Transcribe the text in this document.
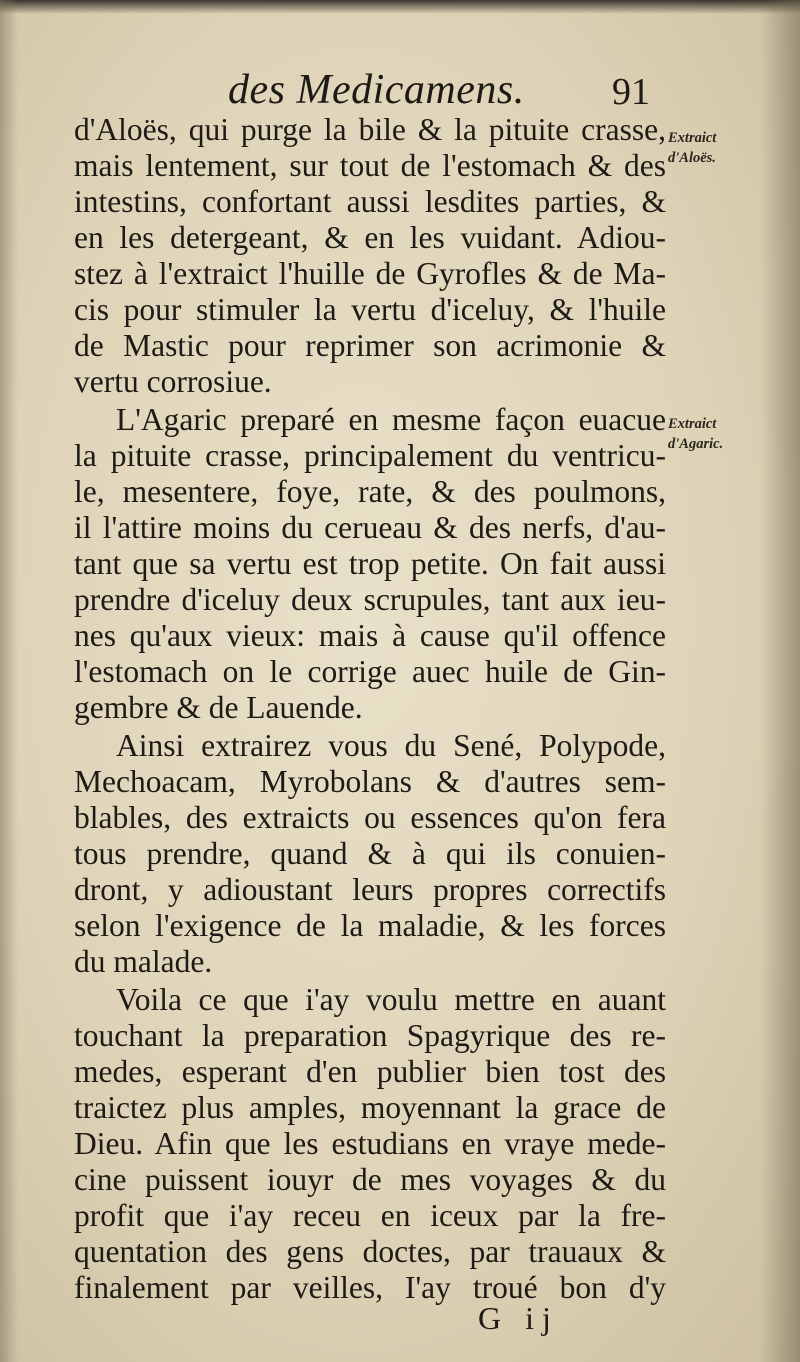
des Medicamens. 91
d'Aloës, qui purge la bile & la pituite crasse,
mais lentement, sur tout de l'estomach & des
intestins, confortant aussi lesdites parties, &
en les detergeant, & en les vuidant. Adiou-
stez à l'extraict l'huille de Gyrofles & de Ma-
cis pour stimuler la vertu d'iceluy, & l'huile
de Mastic pour reprimer son acrimonie &
vertu corrosiue.
L'Agaric preparé en mesme façon euacue
la pituite crasse, principalement du ventricu-
le, mesentere, foye, rate, & des poulmons,
il l'attire moins du cerueau & des nerfs, d'au-
tant que sa vertu est trop petite. On fait aussi
prendre d'iceluy deux scrupules, tant aux ieu-
nes qu'aux vieux: mais à cause qu'il offence
l'estomach on le corrige auec huile de Gin-
gembre & de Lauende.
Ainsi extrairez vous du Sené, Polypode,
Mechoacam, Myrobolans & d'autres sem-
blables, des extraicts ou essences qu'on fera
tous prendre, quand & à qui ils conuien-
dront, y adioustant leurs propres correctifs
selon l'exigence de la maladie, & les forces
du malade.
Voila ce que i'ay voulu mettre en auant
touchant la preparation Spagyrique des re-
medes, esperant d'en publier bien tost des
traictez plus amples, moyennant la grace de
Dieu. Afin que les estudians en vraye mede-
cine puissent iouyr de mes voyages & du
profit que i'ay receu en iceux par la fre-
quentation des gens doctes, par trauaux &
finalement par veilles, I'ay troué bon d'y
Extraict
d'Aloës.
Extraict
d'Agaric.
G ij
